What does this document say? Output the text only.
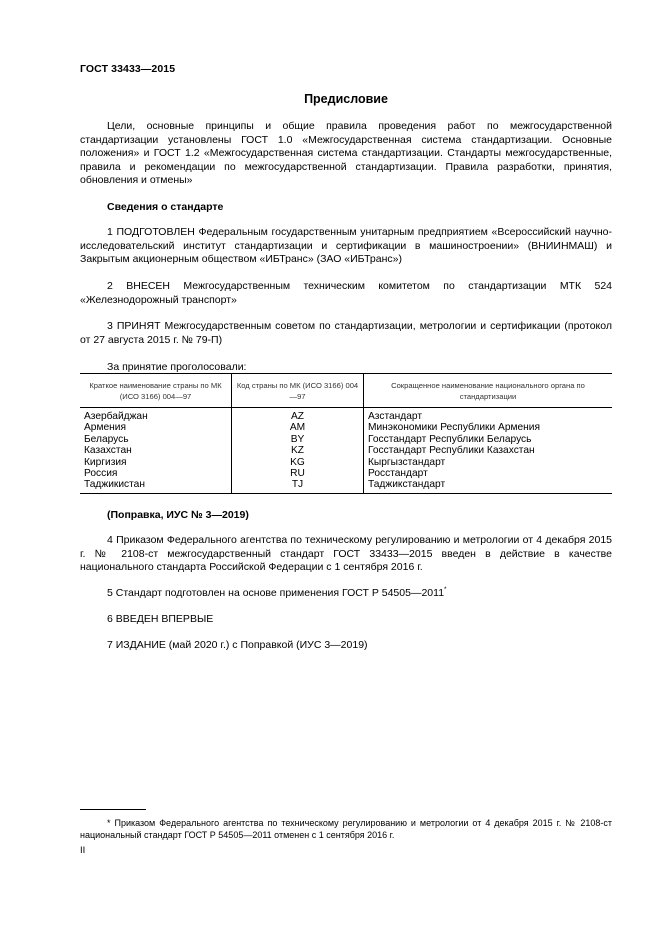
ГОСТ 33433—2015
Предисловие
Цели, основные принципы и общие правила проведения работ по межгосударственной стандартизации установлены ГОСТ 1.0 «Межгосударственная система стандартизации. Основные положения» и ГОСТ 1.2 «Межгосударственная система стандартизации. Стандарты межгосударственные, правила и рекомендации по межгосударственной стандартизации. Правила разработки, принятия, обновления и отмены»
Сведения о стандарте
1 ПОДГОТОВЛЕН Федеральным государственным унитарным предприятием «Всероссийский научно-исследовательский институт стандартизации и сертификации в машиностроении» (ВНИИНМАШ) и Закрытым акционерным обществом «ИБТранс» (ЗАО «ИБТранс»)
2 ВНЕСЕН Межгосударственным техническим комитетом по стандартизации МТК 524 «Железнодорожный транспорт»
3 ПРИНЯТ Межгосударственным советом по стандартизации, метрологии и сертификации (протокол от 27 августа 2015 г. № 79-П)
За принятие проголосовали:
Краткое наименование страны по МК (ИСО 3166) 004—97	Код страны по МК (ИСО 3166) 004—97	Сокращенное наименование национального органа по стандартизации
Азербайджан	AZ	Азстандарт
Армения	AM	Минэкономики Республики Армения
Беларусь	BY	Госстандарт Республики Беларусь
Казахстан	KZ	Госстандарт Республики Казахстан
Киргизия	KG	Кыргызстандарт
Россия	RU	Росстандарт
Таджикистан	TJ	Таджикстандарт
(Поправка, ИУС № 3—2019)
4 Приказом Федерального агентства по техническому регулированию и метрологии от 4 декабря 2015 г. № 2108-ст межгосударственный стандарт ГОСТ 33433—2015 введен в действие в качестве национального стандарта Российской Федерации с 1 сентября 2016 г.
5 Стандарт подготовлен на основе применения ГОСТ Р 54505—2011*
6 ВВЕДЕН ВПЕРВЫЕ
7 ИЗДАНИЕ (май 2020 г.) с Поправкой (ИУС 3—2019)
* Приказом Федерального агентства по техническому регулированию и метрологии от 4 декабря 2015 г. № 2108-ст национальный стандарт ГОСТ Р 54505—2011 отменен с 1 сентября 2016 г.
II
